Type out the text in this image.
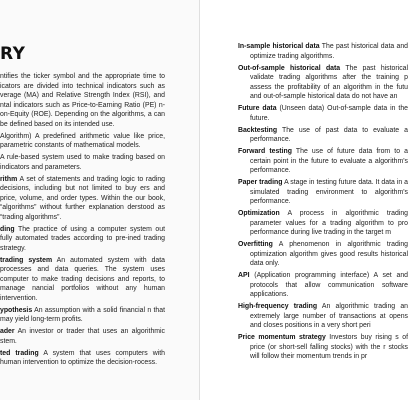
RY

ntifies the ticker symbol and the appropriate time to icators are divided into technical indicators such as verage (MA) and Relative Strength Index (RSI), and ntal indicators such as Price-to-Earning Ratio (PE) n-on-Equity (ROE). Depending on the algorithms, a can be defined based on its intended use.

Algorithm) A predefined arithmetic value like price, parametric constants of mathematical models.

A rule-based system used to make trading based on indicators and parameters.

rithm A set of statements and trading logic to rading decisions, including but not limited to buy ers and price, volume, and order types. Within the our book, “algorithms” without further explanation derstood as “trading algorithms”.

ding The practice of using a computer system out fully automated trades according to pre-ined trading strategy.

trading system An automated system with data processes and data queries. The system uses computer to make trading decisions and reports, to manage nancial portfolios without any human intervention.

ypothesis An assumption with a solid financial n that may yield long-term profits.

ader An investor or trader that uses an algorithmic stem.

ted trading A system that uses computers with human intervention to optimize the decision-rocess.

In-sample historical data The past historical data and optimize trading algorithms.

Out-of-sample historical data The past historical validate trading algorithms after the training p assess the profitability of an algorithm in the futu and out-of-sample historical data do not have an

Future data (Unseen data) Out-of-sample data in the future.

Backtesting The use of past data to evaluate a performance.

Forward testing The use of future data from to a certain point in the future to evaluate a algorithm's performance.

Paper trading A stage in testing future data. It data in a simulated trading environment to algorithm's performance.

Optimization A process in algorithmic trading parameter values for a trading algorithm to pro performance during live trading in the target m

Overfitting A phenomenon in algorithmic trading optimization algorithm gives good results historical data only.

API (Application programming interface) A set and protocols that allow communication software applications.

High-frequency trading An algorithmic trading an extremely large number of transactions at opens and closes positions in a very short peri

Price momentum strategy Investors buy rising s of price (or short-sell falling stocks) with the r stocks will follow their momentum trends in pr
